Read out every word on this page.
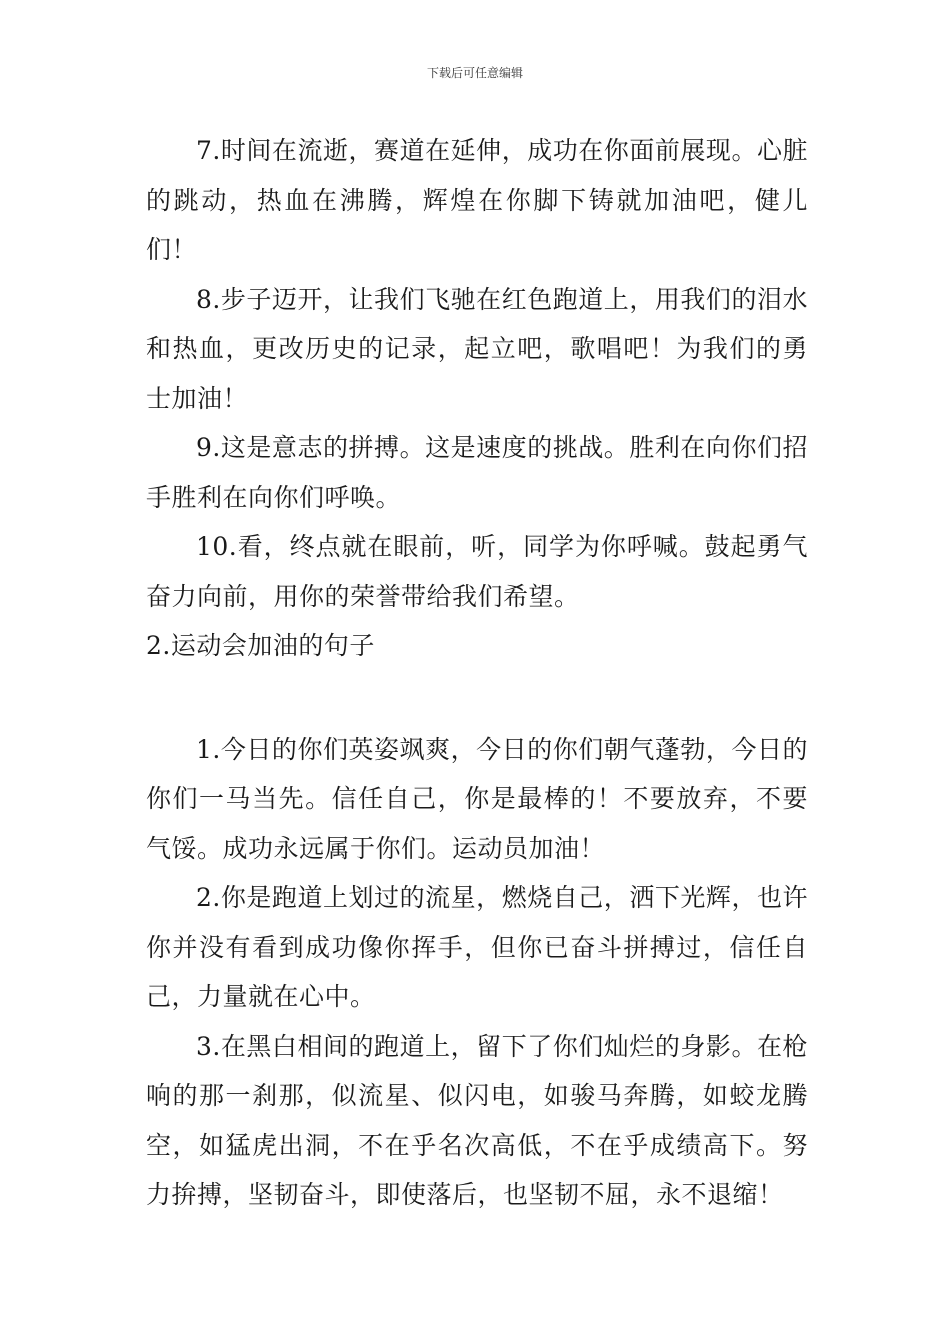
下载后可任意编辑

7.时间在流逝，赛道在延伸，成功在你面前展现。心脏的跳动，热血在沸腾，辉煌在你脚下铸就加油吧，健儿们！

8.步子迈开，让我们飞驰在红色跑道上，用我们的泪水和热血，更改历史的记录，起立吧，歌唱吧！为我们的勇士加油！

9.这是意志的拼搏。这是速度的挑战。胜利在向你们招手胜利在向你们呼唤。

10.看，终点就在眼前，听，同学为你呼喊。鼓起勇气奋力向前，用你的荣誉带给我们希望。

2.运动会加油的句子

1.今日的你们英姿飒爽，今日的你们朝气蓬勃，今日的你们一马当先。信任自己，你是最棒的！不要放弃，不要气馁。成功永远属于你们。运动员加油！

2.你是跑道上划过的流星，燃烧自己，洒下光辉，也许你并没有看到成功像你挥手，但你已奋斗拼搏过，信任自己，力量就在心中。

3.在黑白相间的跑道上，留下了你们灿烂的身影。在枪响的那一刹那，似流星、似闪电，如骏马奔腾，如蛟龙腾空，如猛虎出洞，不在乎名次高低，不在乎成绩高下。努力拚搏，坚韧奋斗，即使落后，也坚韧不屈，永不退缩！
